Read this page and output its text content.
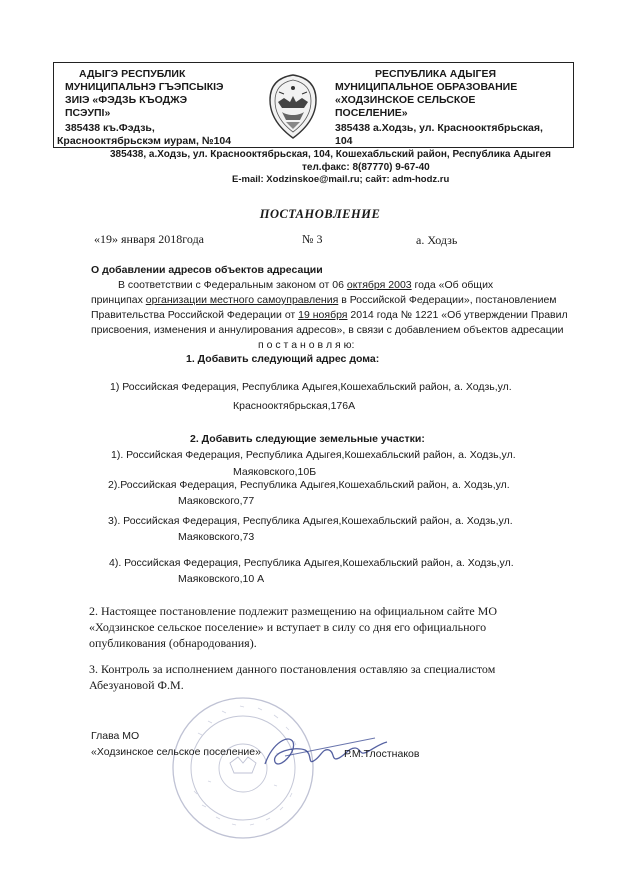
АДЫГЭ РЕСПУБЛИК
МУНИЦИПАЛЬНЭ ГЪЭПСЫКІЭ
ЗИІЭ «ФЭДЗЬ КЪОДЖЭ
ПСЭУПІ»
385438 къ.Фэдзь,
Краснооктябрьскэм иурам, №104
РЕСПУБЛИКА АДЫГЕЯ
МУНИЦИПАЛЬНОЕ ОБРАЗОВАНИЕ
«ХОДЗИНСКОЕ СЕЛЬСКОЕ
ПОСЕЛЕНИЕ»
385438 а.Ходзь, ул. Краснооктябрьская,
104
385438, а.Ходзь, ул. Краснооктябрьская, 104, Кошехабльский район, Республика Адыгея
тел.факс: 8(87770) 9-67-40
E-mail: Xodzinskoe@mail.ru; сайт: adm-hodz.ru
ПОСТАНОВЛЕНИЕ
«19» января 2018года	№ 3	а. Ходзь
О добавлении адресов объектов адресации
В соответствии с Федеральным законом от 06 октября 2003 года «Об общих
принципах организации местного самоуправления в Российской Федерации», постановлением
Правительства Российской Федерации от 19 ноября 2014 года № 1221 «Об утверждении Правил
присвоения, изменения и аннулирования адресов», в связи с добавлением объектов адресации
п о с т а н о в л я ю:
1. Добавить следующий адрес дома:
1) Российская Федерация, Республика Адыгея,Кошехабльский район, а. Ходзь,ул.
Краснооктябрьская,176А
2. Добавить следующие земельные участки:
1). Российская Федерация, Республика Адыгея,Кошехабльский район, а. Ходзь,ул.
Маяковского,10Б
2).Российская Федерация, Республика Адыгея,Кошехабльский район, а. Ходзь,ул.
Маяковского,77
3). Российская Федерация, Республика Адыгея,Кошехабльский район, а. Ходзь,ул.
Маяковского,73
4). Российская Федерация, Республика Адыгея,Кошехабльский район, а. Ходзь,ул.
Маяковского,10 А
2. Настоящее постановление подлежит размещению на официальном сайте МО
«Ходзинское сельское поселение» и вступает в силу со дня его официального
опубликования (обнародования).
3. Контроль за исполнением данного постановления оставляю за специалистом
Абезуановой Ф.М.
Глава МО
«Ходзинское сельское поселение»	Р.М.Тлостнаков
